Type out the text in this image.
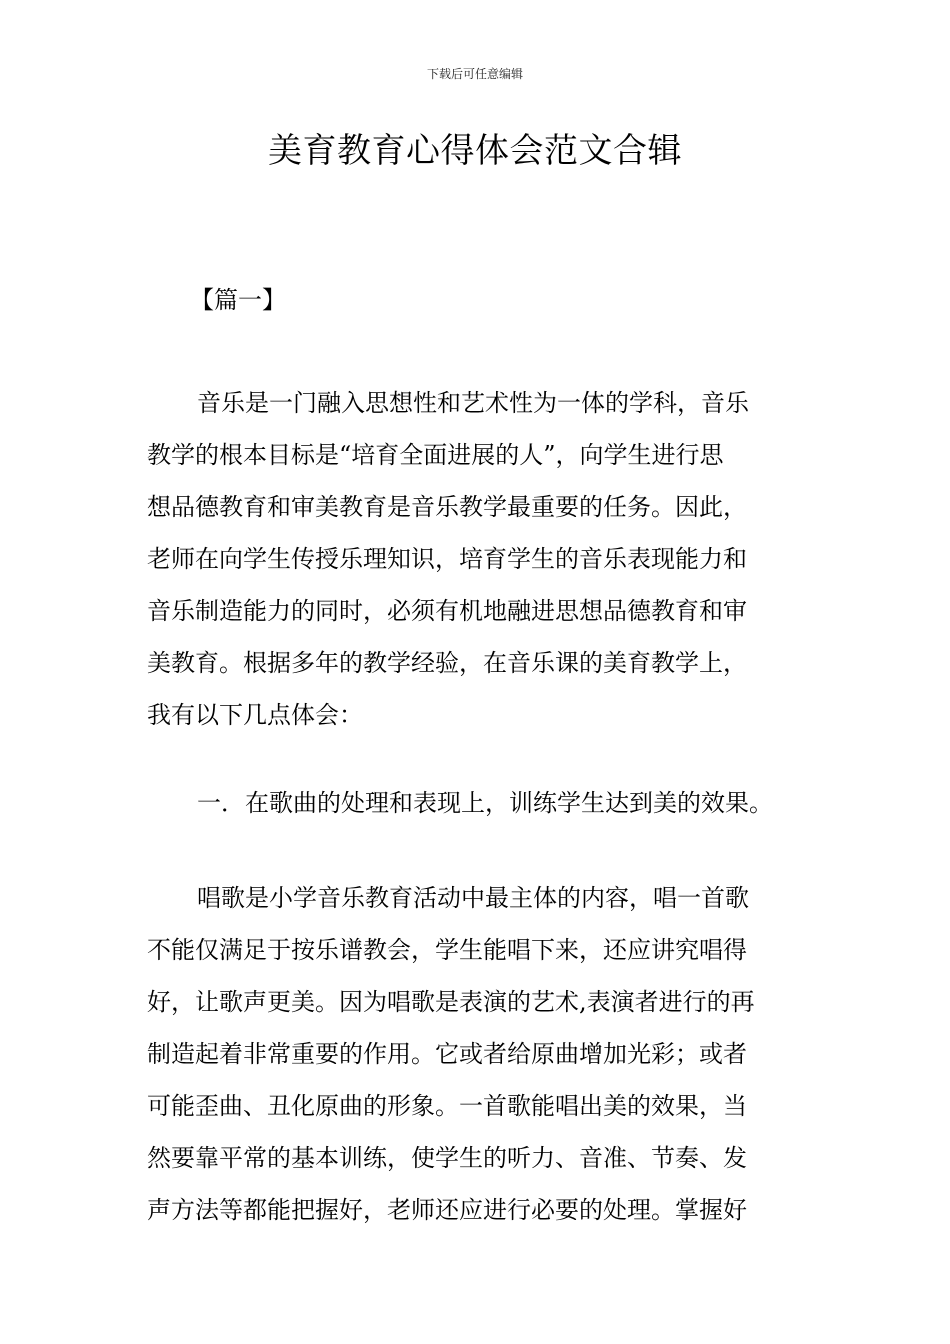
下载后可任意编辑
美育教育心得体会范文合辑
【篇一】
音乐是一门融入思想性和艺术性为一体的学科，音乐
教学的根本目标是“培育全面进展的人”，向学生进行思
想品德教育和审美教育是音乐教学最重要的任务。因此，
老师在向学生传授乐理知识，培育学生的音乐表现能力和
音乐制造能力的同时，必须有机地融进思想品德教育和审
美教育。根据多年的教学经验，在音乐课的美育教学上，
我有以下几点体会：
一．在歌曲的处理和表现上，训练学生达到美的效果。
唱歌是小学音乐教育活动中最主体的内容，唱一首歌
不能仅满足于按乐谱教会，学生能唱下来，还应讲究唱得
好，让歌声更美。因为唱歌是表演的艺术,表演者进行的再
制造起着非常重要的作用。它或者给原曲增加光彩；或者
可能歪曲、丑化原曲的形象。一首歌能唱出美的效果，当
然要靠平常的基本训练，使学生的听力、音准、节奏、发
声方法等都能把握好，老师还应进行必要的处理。掌握好
